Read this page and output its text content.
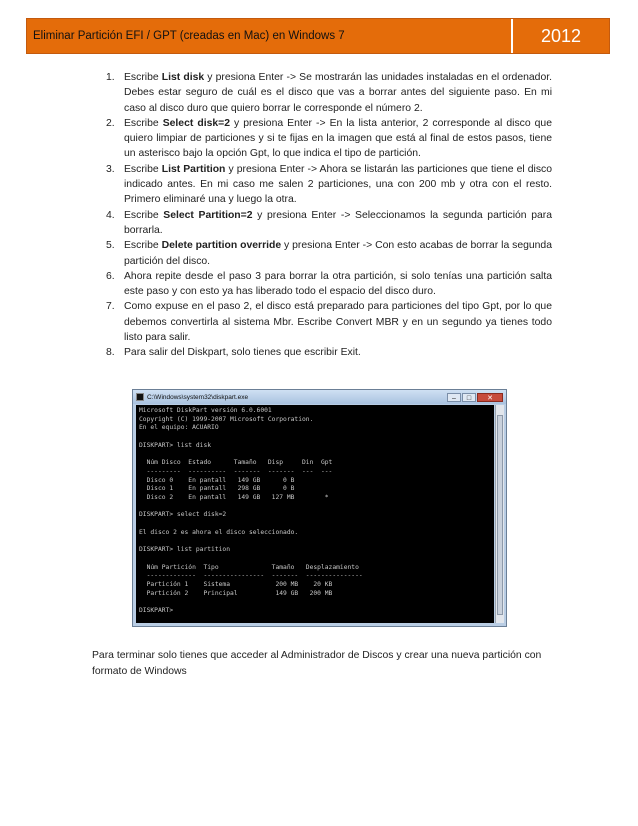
Eliminar Partición EFI / GPT (creadas en Mac) en Windows 7	2012
1. Escribe List disk y presiona Enter -> Se mostrarán las unidades instaladas en el ordenador. Debes estar seguro de cuál es el disco que vas a borrar antes del siguiente paso. En mi caso al disco duro que quiero borrar le corresponde el número 2.
2. Escribe Select disk=2 y presiona Enter -> En la lista anterior, 2 corresponde al disco que quiero limpiar de particiones y si te fijas en la imagen que está al final de estos pasos, tiene un asterisco bajo la opción Gpt, lo que indica el tipo de partición.
3. Escribe List Partition y presiona Enter -> Ahora se listarán las particiones que tiene el disco indicado antes. En mi caso me salen 2 particiones, una con 200 mb y otra con el resto. Primero eliminaré una y luego la otra.
4. Escribe Select Partition=2 y presiona Enter -> Seleccionamos la segunda partición para borrarla.
5. Escribe Delete partition override y presiona Enter -> Con esto acabas de borrar la segunda partición del disco.
6. Ahora repite desde el paso 3 para borrar la otra partición, si solo tenías una partición salta este paso y con esto ya has liberado todo el espacio del disco duro.
7. Como expuse en el paso 2, el disco está preparado para particiones del tipo Gpt, por lo que debemos convertirla al sistema Mbr. Escribe Convert MBR y en un segundo ya tienes todo listo para salir.
8. Para salir del Diskpart, solo tienes que escribir Exit.
C:\Windows\system32\diskpart.exe	–	□	✕
Microsoft DiskPart versión 6.0.6001
Copyright (C) 1999-2007 Microsoft Corporation.
En el equipo: ACUARIO

DISKPART> list disk

Núm Disco  Estado      Tamaño   Disp     Din  Gpt
---------  ----------  -------  -------  ---  ---
Disco 0    En pantall   149 GB      0 B
Disco 1    En pantall   298 GB      0 B
Disco 2    En pantall   149 GB   127 MB        *

DISKPART> select disk=2

El disco 2 es ahora el disco seleccionado.

DISKPART> list partition

Núm Partición  Tipo              Tamaño   Desplazamiento
-------------  ----------------  -------  ---------------
Partición 1    Sistema            200 MB    20 KB
Partición 2    Principal          149 GB   200 MB

DISKPART>

Para terminar solo tienes que acceder al Administrador de Discos y crear una nueva partición con formato de Windows
